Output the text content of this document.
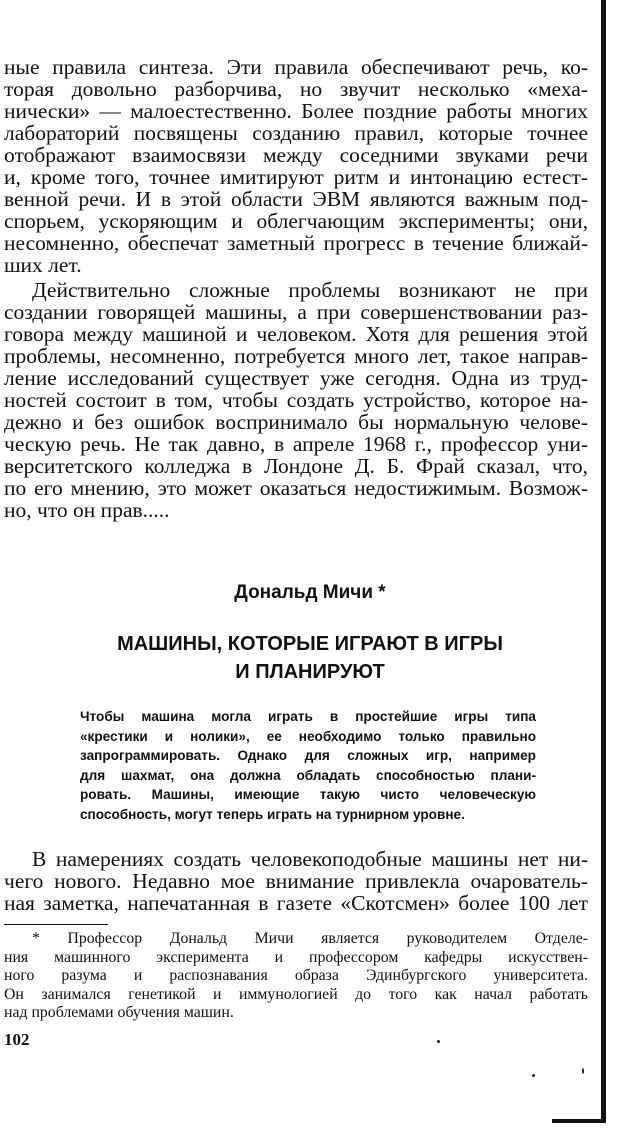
ные правила синтеза. Эти правила обеспечивают речь, ко-
торая довольно разборчива, но звучит несколько «меха-
нически» — малоестественно. Более поздние работы многих
лабораторий посвящены созданию правил, которые точнее
отображают взаимосвязи между соседними звуками речи
и, кроме того, точнее имитируют ритм и интонацию естест-
венной речи. И в этой области ЭВМ являются важным под-
спорьем, ускоряющим и облегчающим эксперименты; они,
несомненно, обеспечат заметный прогресс в течение ближай-
ших лет.
Действительно сложные проблемы возникают не при
создании говорящей машины, а при совершенствовании раз-
говора между машиной и человеком. Хотя для решения этой
проблемы, несомненно, потребуется много лет, такое направ-
ление исследований существует уже сегодня. Одна из труд-
ностей состоит в том, чтобы создать устройство, которое на-
дежно и без ошибок воспринимало бы нормальную челове-
ческую речь. Не так давно, в апреле 1968 г., профессор уни-
верситетского колледжа в Лондоне Д. Б. Фрай сказал, что,
по его мнению, это может оказаться недостижимым. Возмож-
но, что он прав.....
Дональд Мичи *
МАШИНЫ, КОТОРЫЕ ИГРАЮТ В ИГРЫ
И ПЛАНИРУЮТ
Чтобы машина могла играть в простейшие игры типа
«крестики и нолики», ее необходимо только правильно
запрограммировать. Однако для сложных игр, например
для шахмат, она должна обладать способностью плани-
ровать. Машины, имеющие такую чисто человеческую
способность, могут теперь играть на турнирном уровне.
В намерениях создать человекоподобные машины нет ни-
чего нового. Недавно мое внимание привлекла очарователь-
ная заметка, напечатанная в газете «Скотсмен» более 100 лет
* Профессор Дональд Мичи является руководителем Отделе-
ния машинного эксперимента и профессором кафедры искусствен-
ного разума и распознавания образа Эдинбургского университета.
Он занимался генетикой и иммунологией до того как начал работать
над проблемами обучения машин.
102
